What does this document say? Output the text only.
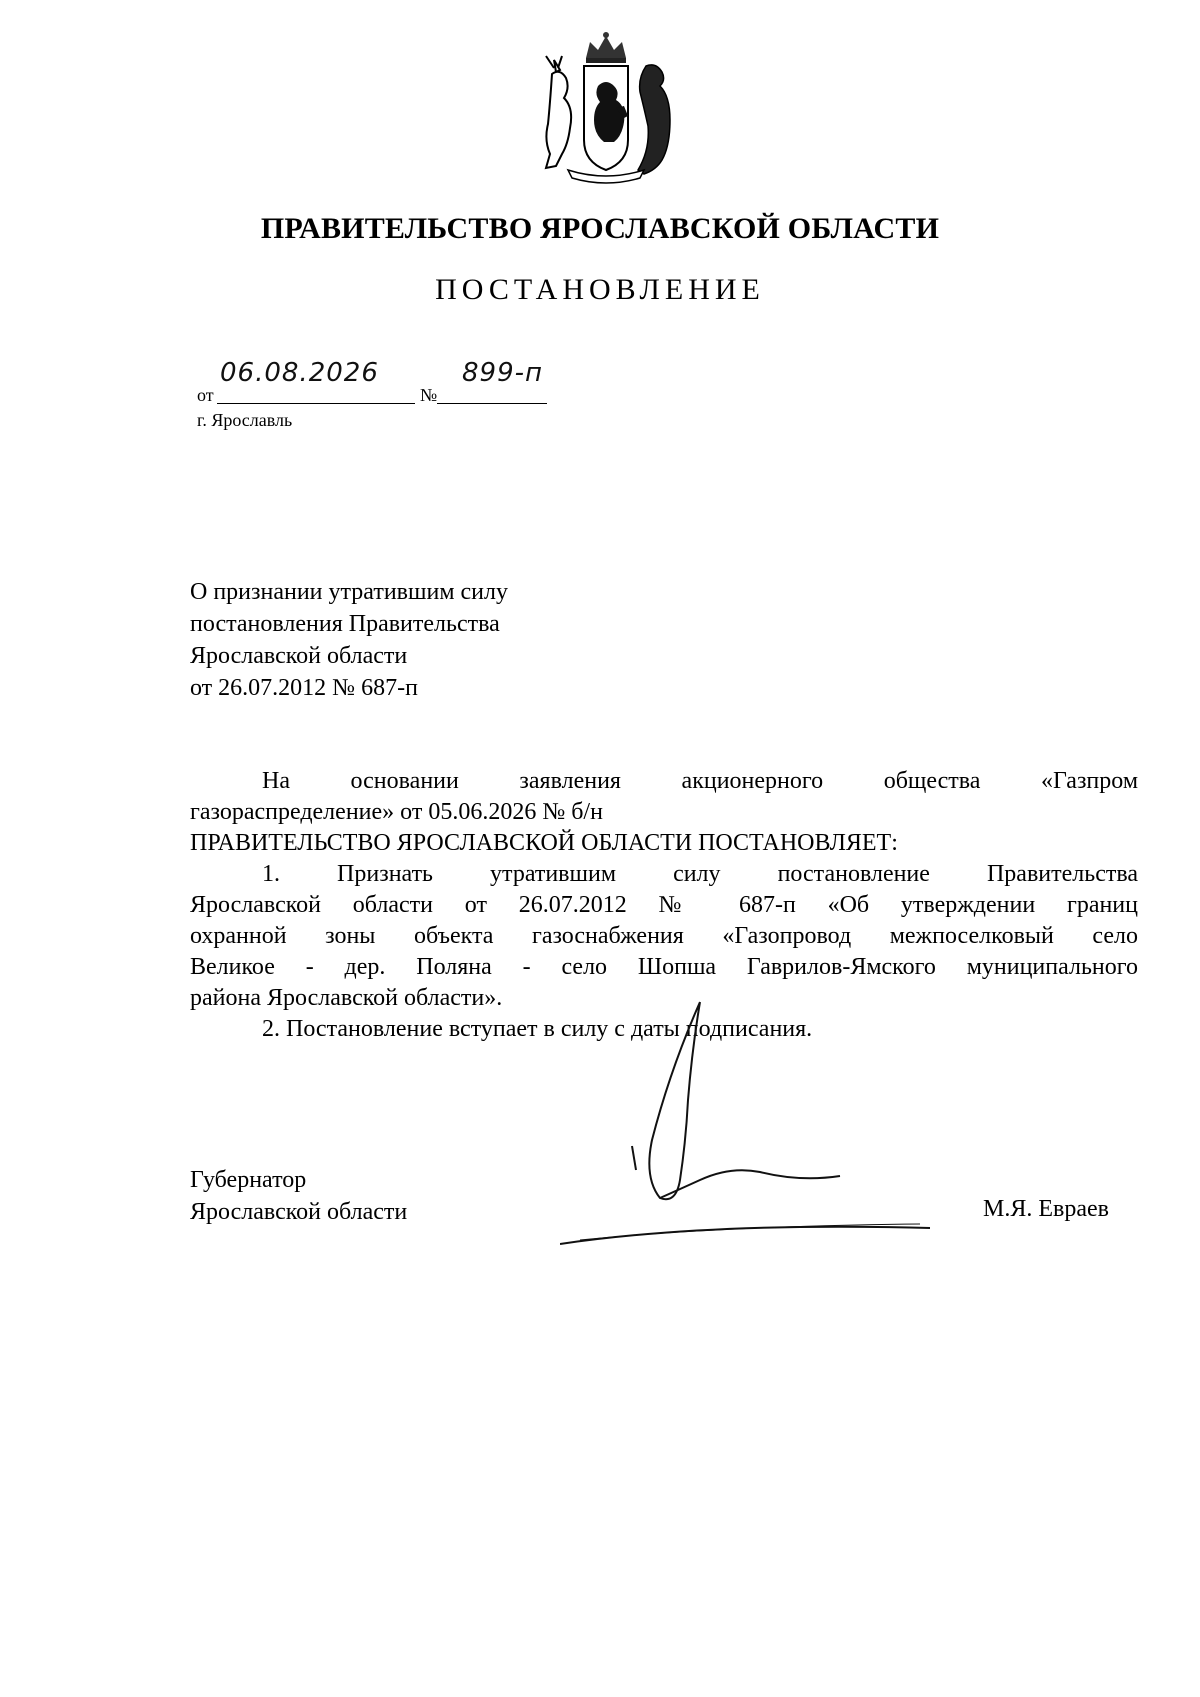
ПРАВИТЕЛЬСТВО ЯРОСЛАВСКОЙ ОБЛАСТИ
ПОСТАНОВЛЕНИЕ
от
06.08.2026
№
899-п
г. Ярославль
О признании утратившим силу
постановления Правительства
Ярославской области
от 26.07.2012 № 687-п
На основании заявления акционерного общества «Газпром
газораспределение» от 05.06.2026 № б/н
ПРАВИТЕЛЬСТВО ЯРОСЛАВСКОЙ ОБЛАСТИ ПОСТАНОВЛЯЕТ:
1. Признать утратившим силу постановление Правительства
Ярославской области от 26.07.2012 № 687-п «Об утверждении границ
охранной зоны объекта газоснабжения «Газопровод межпоселковый село
Великое - дер. Поляна - село Шопша Гаврилов-Ямского муниципального
района Ярославской области».
2. Постановление вступает в силу с даты подписания.
Губернатор
Ярославской области	М.Я. Евраев
